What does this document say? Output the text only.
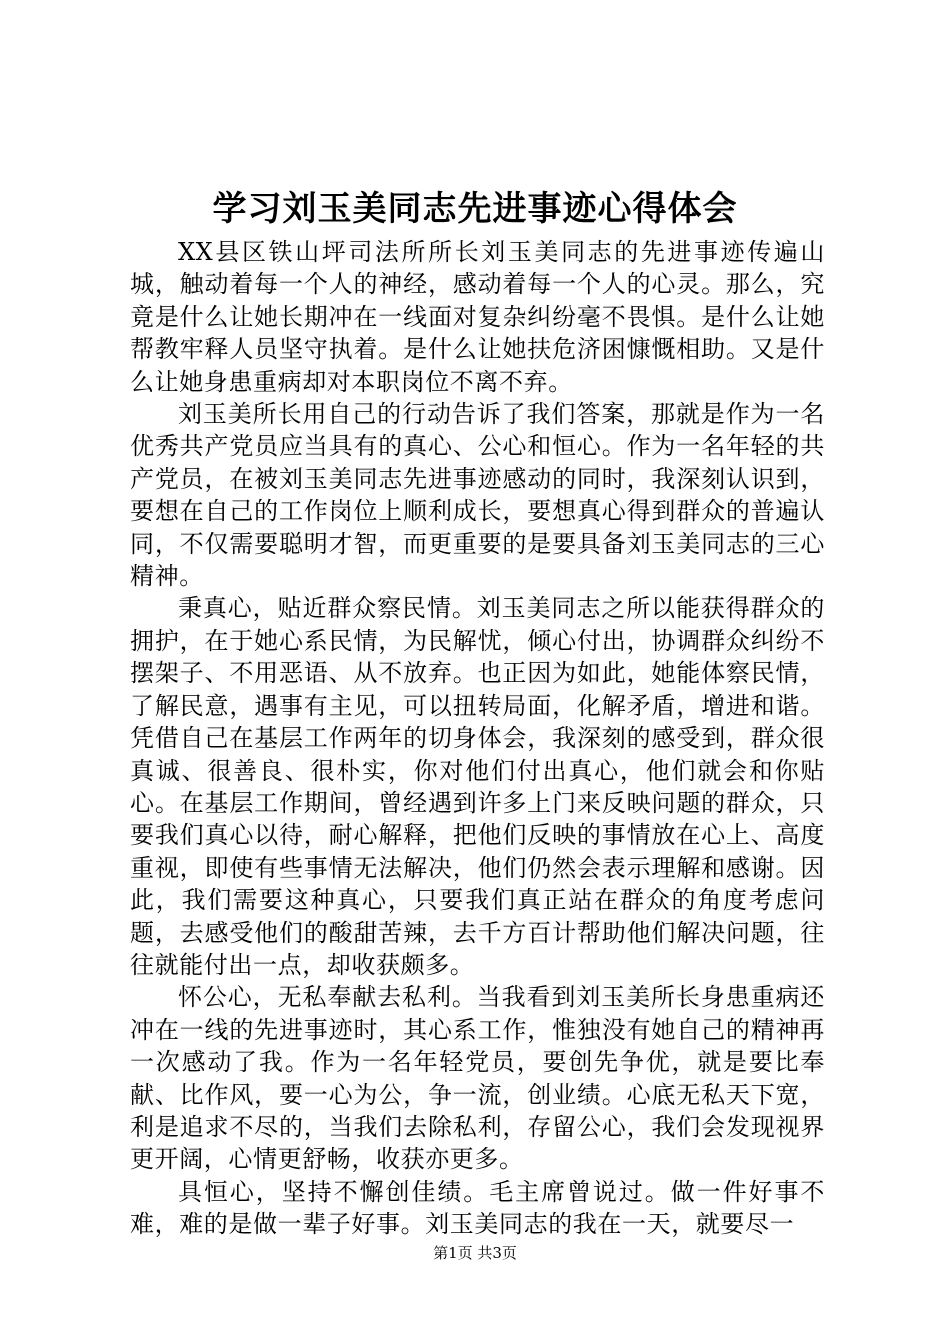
学习刘玉美同志先进事迹心得体会

XX县区铁山坪司法所所长刘玉美同志的先进事迹传遍山城，触动着每一个人的神经，感动着每一个人的心灵。那么，究竟是什么让她长期冲在一线面对复杂纠纷毫不畏惧。是什么让她帮教牢释人员坚守执着。是什么让她扶危济困慷慨相助。又是什么让她身患重病却对本职岗位不离不弃。

刘玉美所长用自己的行动告诉了我们答案，那就是作为一名优秀共产党员应当具有的真心、公心和恒心。作为一名年轻的共产党员，在被刘玉美同志先进事迹感动的同时，我深刻认识到，要想在自己的工作岗位上顺利成长，要想真心得到群众的普遍认同，不仅需要聪明才智，而更重要的是要具备刘玉美同志的三心精神。

秉真心，贴近群众察民情。刘玉美同志之所以能获得群众的拥护，在于她心系民情，为民解忧，倾心付出，协调群众纠纷不摆架子、不用恶语、从不放弃。也正因为如此，她能体察民情，了解民意，遇事有主见，可以扭转局面，化解矛盾，增进和谐。凭借自己在基层工作两年的切身体会，我深刻的感受到，群众很真诚、很善良、很朴实，你对他们付出真心，他们就会和你贴心。在基层工作期间，曾经遇到许多上门来反映问题的群众，只要我们真心以待，耐心解释，把他们反映的事情放在心上、高度重视，即使有些事情无法解决，他们仍然会表示理解和感谢。因此，我们需要这种真心，只要我们真正站在群众的角度考虑问题，去感受他们的酸甜苦辣，去千方百计帮助他们解决问题，往往就能付出一点，却收获颇多。

怀公心，无私奉献去私利。当我看到刘玉美所长身患重病还冲在一线的先进事迹时，其心系工作，惟独没有她自己的精神再一次感动了我。作为一名年轻党员，要创先争优，就是要比奉献、比作风，要一心为公，争一流，创业绩。心底无私天下宽，利是追求不尽的，当我们去除私利，存留公心，我们会发现视界更开阔，心情更舒畅，收获亦更多。

具恒心，坚持不懈创佳绩。毛主席曾说过。做一件好事不难，难的是做一辈子好事。刘玉美同志的我在一天，就要尽一

第1页 共3页
